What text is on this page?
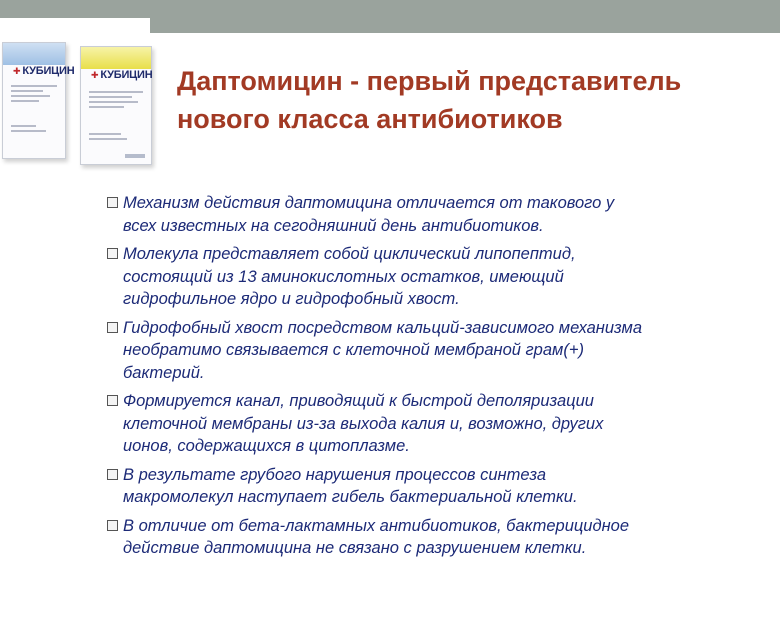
✚ КУБИЦИН ✚ КУБИЦИН Даптомицин - первый представитель
нового класса антибиотиков
Механизм действия даптомицина отличается от такового у
всех известных на сегодняшний день антибиотиков.
Молекула представляет собой циклический липопептид,
состоящий из 13 аминокислотных остатков, имеющий
гидрофильное ядро и гидрофобный хвост.
Гидрофобный хвост посредством кальций-зависимого механизма
необратимо связывается с клеточной мембраной грам(+)
бактерий.
Формируется канал, приводящий к быстрой деполяризации
клеточной мембраны из-за выхода калия и, возможно, других
ионов, содержащихся в цитоплазме.
В результате грубого нарушения процессов синтеза
макромолекул наступает гибель бактериальной клетки.
В отличие от бета-лактамных антибиотиков, бактерицидное
действие даптомицина не связано с разрушением клетки.
